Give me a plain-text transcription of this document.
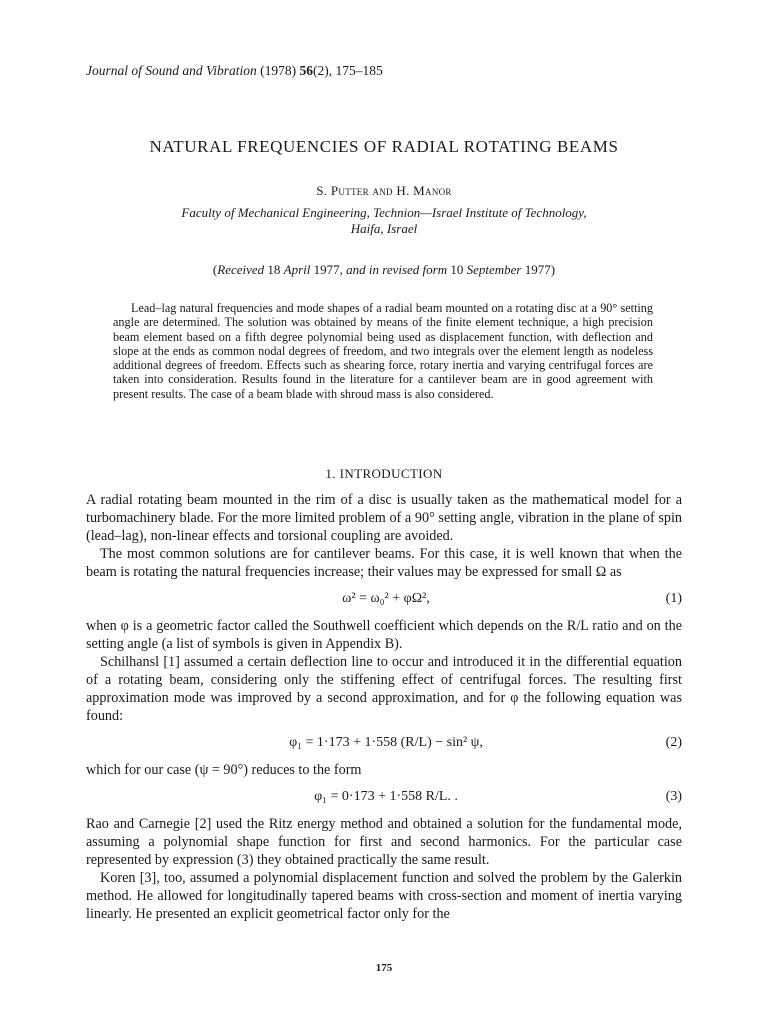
Journal of Sound and Vibration (1978) 56(2), 175–185
NATURAL FREQUENCIES OF RADIAL ROTATING BEAMS
S. Putter and H. Manor
Faculty of Mechanical Engineering, Technion—Israel Institute of Technology,
Haifa, Israel
(Received 18 April 1977, and in revised form 10 September 1977)

Lead–lag natural frequencies and mode shapes of a radial beam mounted on a rotating disc at a 90° setting angle are determined. The solution was obtained by means of the finite element technique, a high precision beam element based on a fifth degree polynomial being used as displacement function, with deflection and slope at the ends as common nodal degrees of freedom, and two integrals over the element length as nodeless additional degrees of freedom. Effects such as shearing force, rotary inertia and varying centrifugal forces are taken into consideration. Results found in the literature for a cantilever beam are in good agreement with present results. The case of a beam blade with shroud mass is also considered.

1. INTRODUCTION

A radial rotating beam mounted in the rim of a disc is usually taken as the mathematical model for a turbomachinery blade. For the more limited problem of a 90° setting angle, vibration in the plane of spin (lead–lag), non-linear effects and torsional coupling are avoided.

The most common solutions are for cantilever beams. For this case, it is well known that when the beam is rotating the natural frequencies increase; their values may be expressed for small Ω as

ω² = ω₀² + φΩ²,	(1)

when φ is a geometric factor called the Southwell coefficient which depends on the R/L ratio and on the setting angle (a list of symbols is given in Appendix B).

Schilhansl [1] assumed a certain deflection line to occur and introduced it in the differential equation of a rotating beam, considering only the stiffening effect of centrifugal forces. The resulting first approximation mode was improved by a second approximation, and for φ the following equation was found:

φ₁ = 1·173 + 1·558 (R/L) − sin² ψ,	(2)

which for our case (ψ = 90°) reduces to the form

φ₁ = 0·173 + 1·558 R/L. .	(3)

Rao and Carnegie [2] used the Ritz energy method and obtained a solution for the fundamental mode, assuming a polynomial shape function for first and second harmonics. For the particular case represented by expression (3) they obtained practically the same result.

Koren [3], too, assumed a polynomial displacement function and solved the problem by the Galerkin method. He allowed for longitudinally tapered beams with cross-section and moment of inertia varying linearly. He presented an explicit geometrical factor only for the

175
